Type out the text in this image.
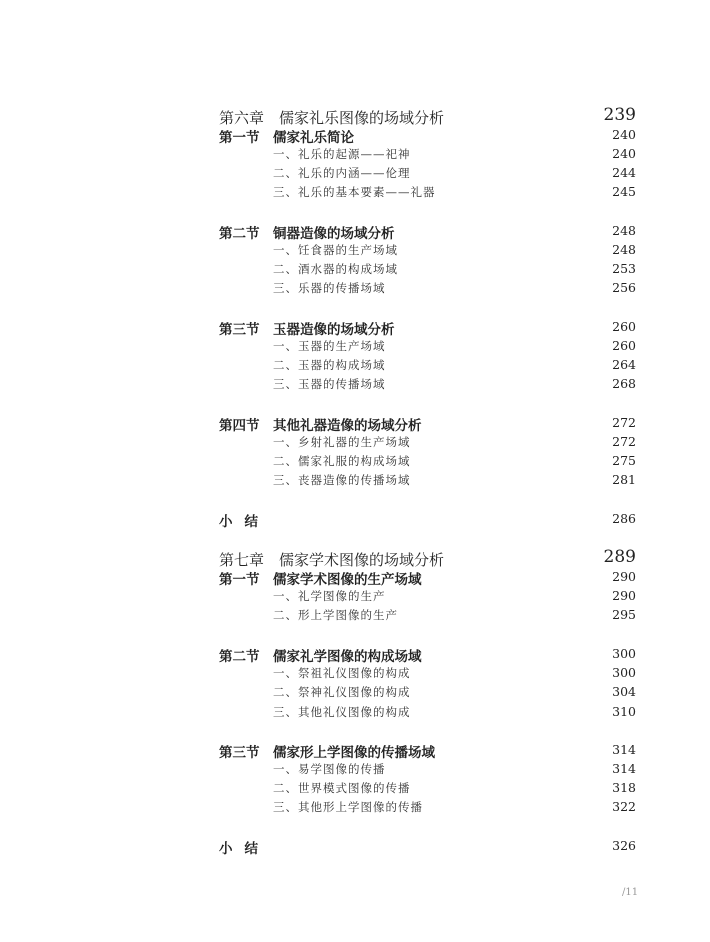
第六章　儒家礼乐图像的场域分析	239
第一节　儒家礼乐简论	240
一、礼乐的起源——祀神	240
二、礼乐的内涵——伦理	244
三、礼乐的基本要素——礼器	245
第二节　铜器造像的场域分析	248
一、饪食器的生产场域	248
二、酒水器的构成场域	253
三、乐器的传播场域	256
第三节　玉器造像的场域分析	260
一、玉器的生产场域	260
二、玉器的构成场域	264
三、玉器的传播场域	268
第四节　其他礼器造像的场域分析	272
一、乡射礼器的生产场域	272
二、儒家礼服的构成场域	275
三、丧器造像的传播场域	281
小结	286
第七章　儒家学术图像的场域分析	289
第一节　儒家学术图像的生产场域	290
一、礼学图像的生产	290
二、形上学图像的生产	295
第二节　儒家礼学图像的构成场域	300
一、祭祖礼仪图像的构成	300
二、祭神礼仪图像的构成	304
三、其他礼仪图像的构成	310
第三节　儒家形上学图像的传播场域	314
一、易学图像的传播	314
二、世界模式图像的传播	318
三、其他形上学图像的传播	322
小结	326
/11
